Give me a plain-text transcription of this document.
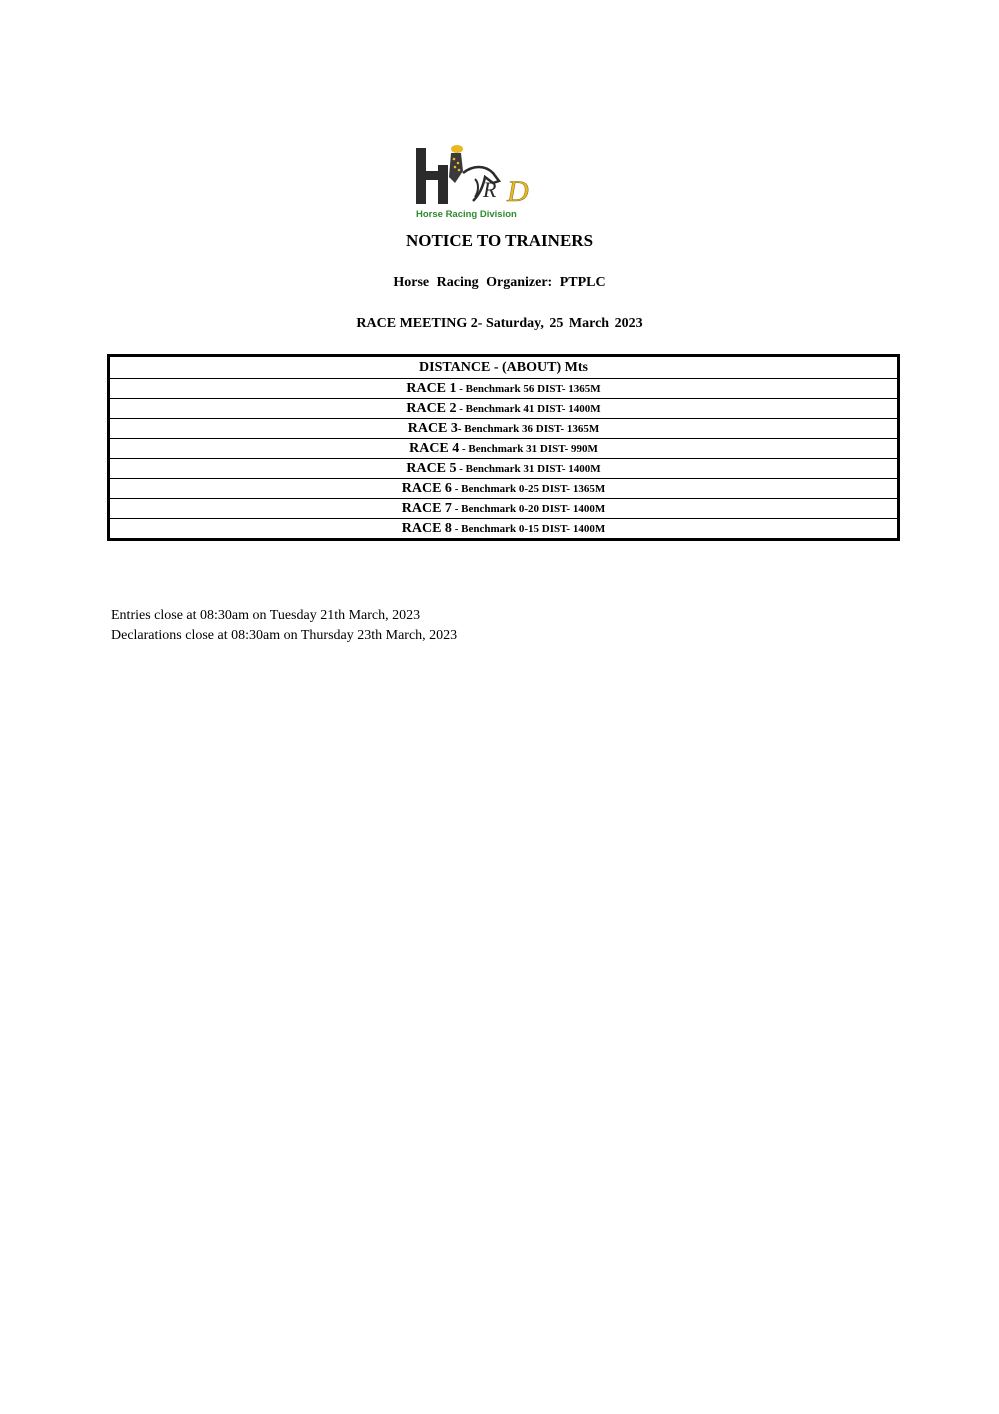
R D
Horse Racing Division
NOTICE TO TRAINERS
Horse Racing Organizer: PTPLC
RACE MEETING 2- Saturday, 25 March 2023
DISTANCE - (ABOUT) Mts
RACE 1 - Benchmark 56 DIST- 1365M
RACE 2 - Benchmark 41 DIST- 1400M
RACE 3- Benchmark 36 DIST- 1365M
RACE 4 - Benchmark 31 DIST- 990M
RACE 5 - Benchmark 31 DIST- 1400M
RACE 6 - Benchmark 0-25 DIST- 1365M
RACE 7 - Benchmark 0-20 DIST- 1400M
RACE 8 - Benchmark 0-15 DIST- 1400M
Entries close at 08:30am on Tuesday 21th March, 2023
Declarations close at 08:30am on Thursday 23th March, 2023
